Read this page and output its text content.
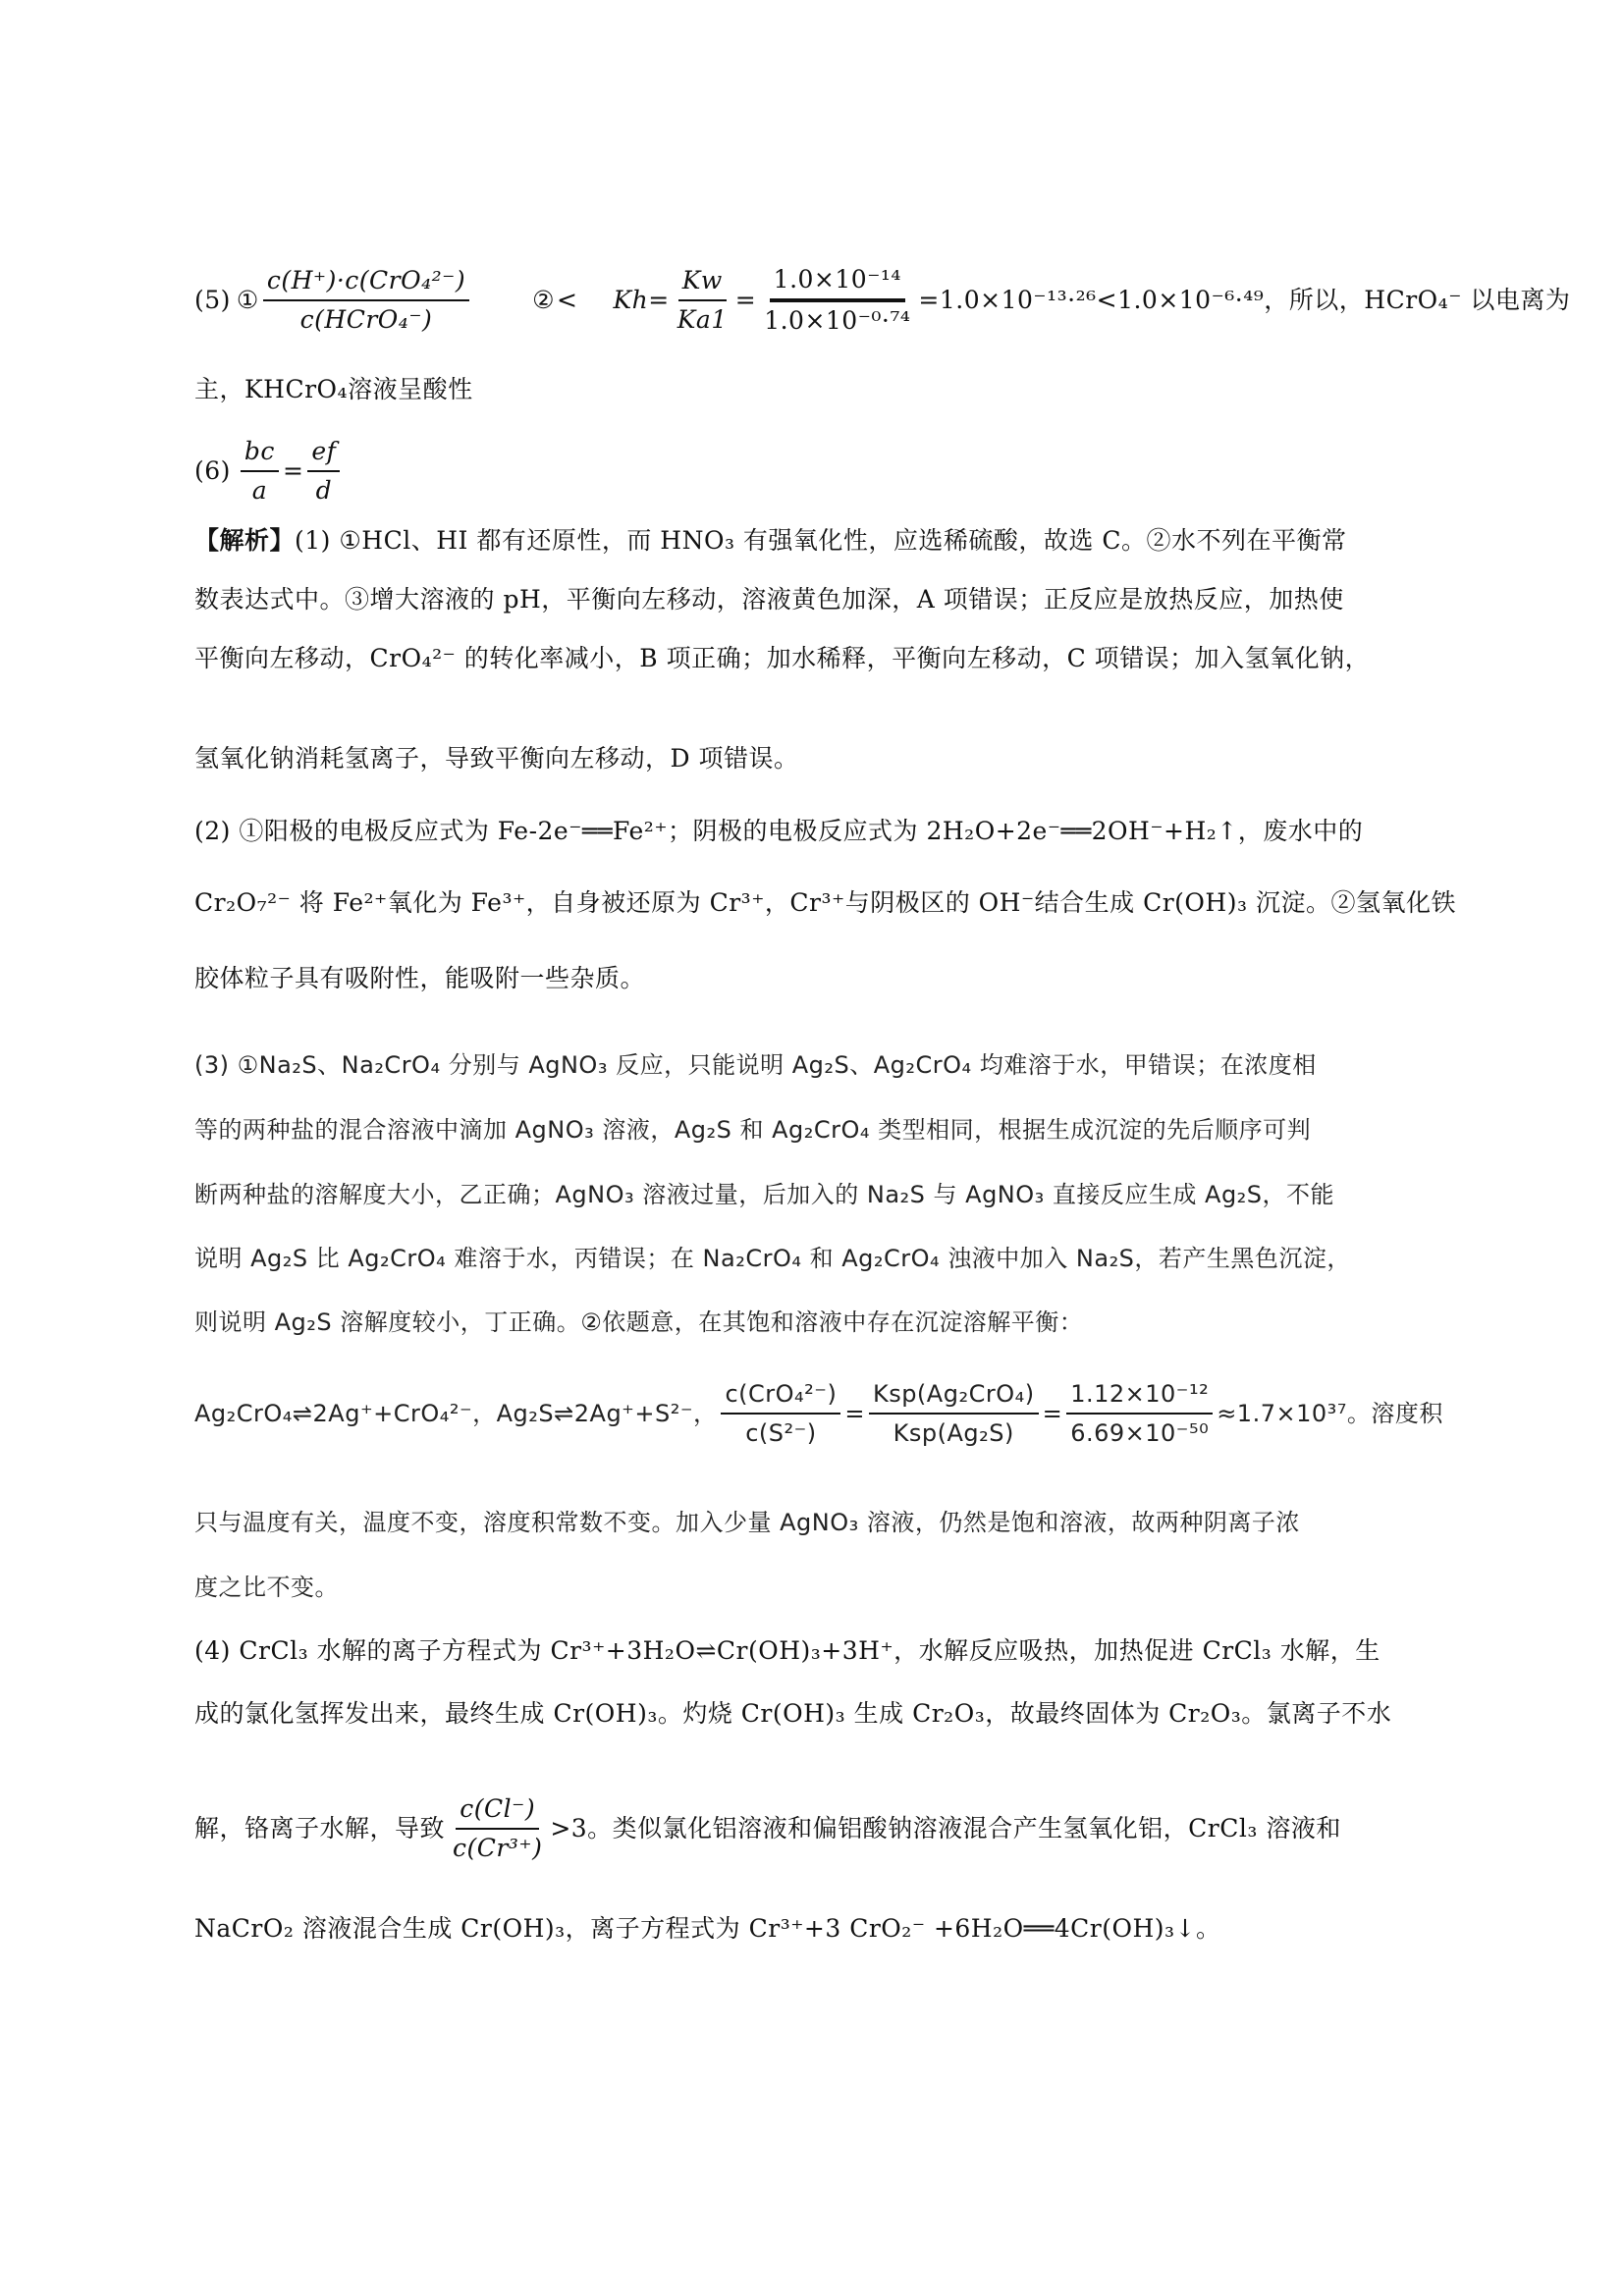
(5) ① $\frac{\text{c(H⁺)·c(CrO₄²⁻)}}{\text{c(HCrO₄⁻)}}$	② < $Kh= \frac{Kw}{Ka1} = \frac{\text{1.0×10⁻¹⁴}}{\text{1.0×10⁻⁰·⁷⁴}} =1.0\times 10^{-13}\cdot^{26}<1.0\times 10^{-6}\cdot^{49}$，所以，HCrO₄⁻ 以电离为
主，KHCrO₄溶液呈酸性
$(6) \frac{bc}{a} = \frac{ef}{d}$
【解析】(1) ①HCl、HI 都有还原性，而 HNO₃ 有强氧化性，应选稀硫酸，故选 C。②水不列在平衡常
数表达式中。③增大溶液的 pH，平衡向左移动，溶液黄色加深，A 项错误；正反应是放热反应，加热使
平衡向左移动，CrO₄²⁻ 的转化率减小，B 项正确；加水稀释，平衡向左移动，C 项错误；加入氢氧化钠，
氢氧化钠消耗氢离子，导致平衡向左移动，D 项错误。
(2) ①阳极的电极反应式为 Fe-2e⁻══Fe²⁺；阴极的电极反应式为 2H₂O+2e⁻══2OH⁻+H₂↑，废水中的
Cr₂O₇²⁻ 将 Fe²⁺氧化为 Fe³⁺，自身被还原为 Cr³⁺，Cr³⁺与阴极区的 OH⁻结合生成 Cr(OH)₃ 沉淀。②氢氧化铁
胶体粒子具有吸附性，能吸附一些杂质。
(3) ①Na₂S、Na₂CrO₄ 分别与 AgNO₃ 反应，只能说明 Ag₂S、Ag₂CrO₄ 均难溶于水，甲错误；在浓度相
等的两种盐的混合溶液中滴加 AgNO₃ 溶液，Ag₂S 和 Ag₂CrO₄ 类型相同，根据生成沉淀的先后顺序可判
断两种盐的溶解度大小，乙正确；AgNO₃ 溶液过量，后加入的 Na₂S 与 AgNO₃ 直接反应生成 Ag₂S，不能
说明 Ag₂S 比 Ag₂CrO₄ 难溶于水，丙错误；在 Na₂CrO₄ 和 Ag₂CrO₄ 浊液中加入 Na₂S，若产生黑色沉淀，
则说明 Ag₂S 溶解度较小，丁正确。②依题意，在其饱和溶液中存在沉淀溶解平衡：
Ag₂CrO₄⇌2Ag⁺+CrO₄²⁻，Ag₂S⇌2Ag⁺+S²⁻， $\frac{\text{c(CrO₄²⁻)}}{\text{c(S²⁻)}} = \frac{\text{Ksp(Ag₂CrO₄)}}{\text{Ksp(Ag₂S)}} = \frac{\text{1.12×10⁻¹²}}{\text{6.69×10⁻⁵⁰}} \approx 1.7\times 10^{37}$。溶度积
只与温度有关，温度不变，溶度积常数不变。加入少量 AgNO₃ 溶液，仍然是饱和溶液，故两种阴离子浓
度之比不变。
(4) CrCl₃ 水解的离子方程式为 Cr³⁺+3H₂O⇌Cr(OH)₃+3H⁺，水解反应吸热，加热促进 CrCl₃ 水解，生
成的氯化氢挥发出来，最终生成 Cr(OH)₃。灼烧 Cr(OH)₃ 生成 Cr₂O₃，故最终固体为 Cr₂O₃。氯离子不水
解，铬离子水解，导致 $\frac{c(Cl^-)}{\text{c(Cr³⁺)}} >3$。类似氯化铝溶液和偏铝酸钠溶液混合产生氢氧化铝，CrCl₃ 溶液和
NaCrO₂ 溶液混合生成 Cr(OH)₃，离子方程式为 Cr³⁺+3 CrO₂⁻ +6H₂O══4Cr(OH)₃↓。
